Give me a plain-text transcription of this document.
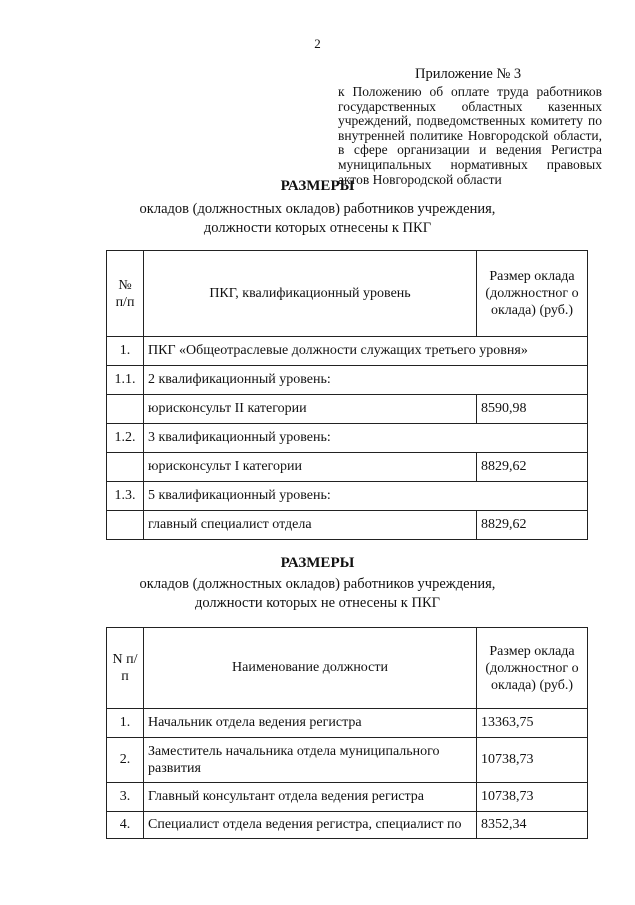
2
Приложение № 3
к Положению об оплате труда работников государственных областных казенных учреждений, подведомственных комитету по внутренней политике Новгородской области, в сфере организации и ведения Регистра муниципальных нормативных правовых актов Новгородской области
РАЗМЕРЫ
окладов (должностных окладов) работников учреждения,
должности которых отнесены к ПКГ
№ п/п	ПКГ, квалификационный уровень	Размер оклада (должностног о оклада) (руб.)
1.	ПКГ «Общеотраслевые должности служащих третьего уровня»	
1.1.	2 квалификационный уровень:	
	юрисконсульт II категории	8590,98
1.2.	3 квалификационный уровень:	
	юрисконсульт I категории	8829,62
1.3.	5 квалификационный уровень:	
	главный специалист отдела	8829,62
РАЗМЕРЫ
окладов (должностных окладов) работников учреждения,
должности которых не отнесены к ПКГ
N п/п	Наименование должности	Размер оклада (должностног о оклада) (руб.)
1.	Начальник отдела ведения регистра	13363,75
2.	Заместитель начальника отдела муниципального развития	10738,73
3.	Главный консультант отдела ведения регистра	10738,73
4.	Специалист отдела ведения регистра, специалист по	8352,34
